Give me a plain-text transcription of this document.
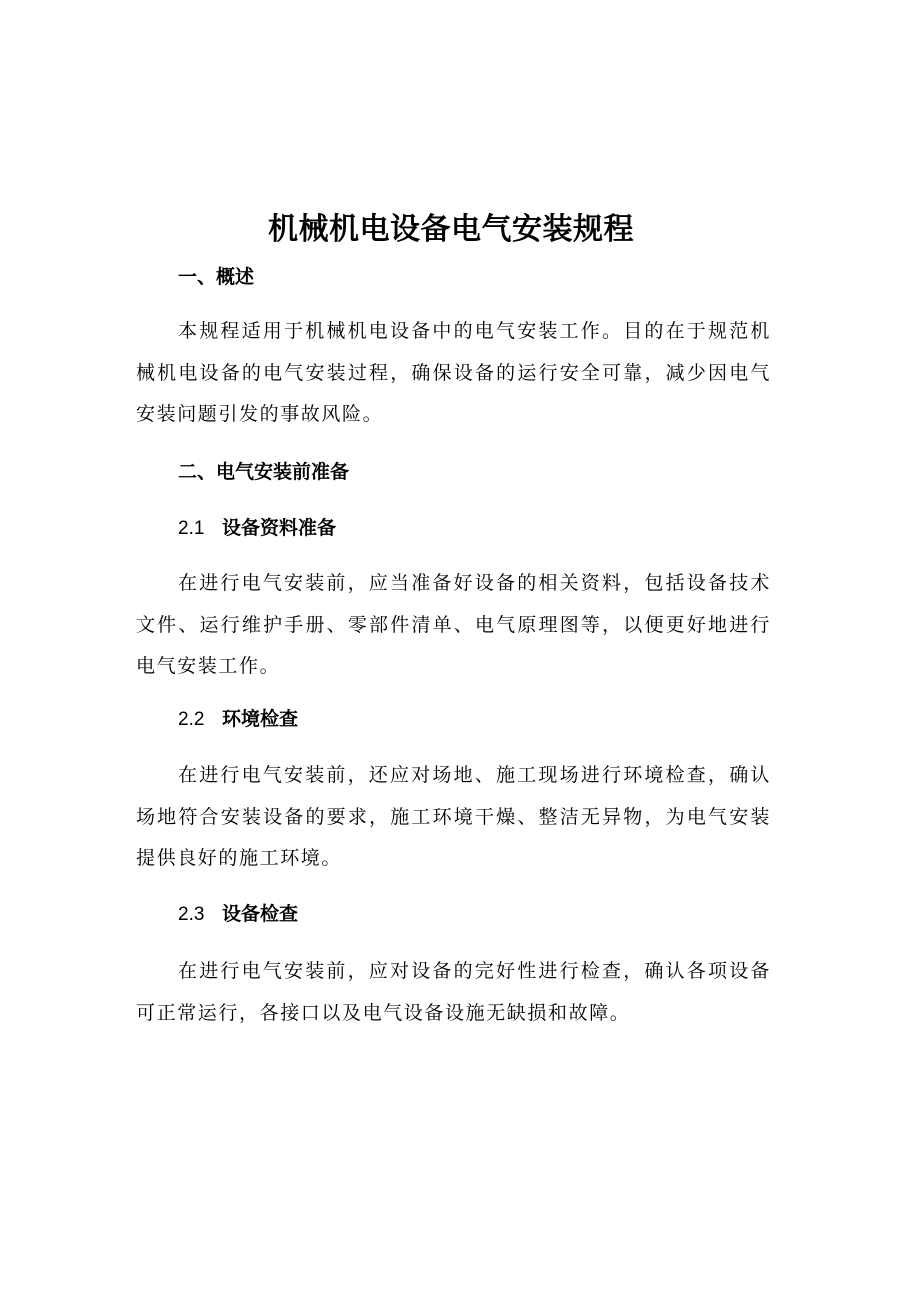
机械机电设备电气安装规程
一、概述

本规程适用于机械机电设备中的电气安装工作。目的在于规范机械机电设备的电气安装过程，确保设备的运行安全可靠，减少因电气安装问题引发的事故风险。

二、电气安装前准备
2.1 设备资料准备

在进行电气安装前，应当准备好设备的相关资料，包括设备技术文件、运行维护手册、零部件清单、电气原理图等，以便更好地进行电气安装工作。

2.2 环境检查

在进行电气安装前，还应对场地、施工现场进行环境检查，确认场地符合安装设备的要求，施工环境干燥、整洁无异物，为电气安装提供良好的施工环境。

2.3 设备检查

在进行电气安装前，应对设备的完好性进行检查，确认各项设备可正常运行，各接口以及电气设备设施无缺损和故障。
